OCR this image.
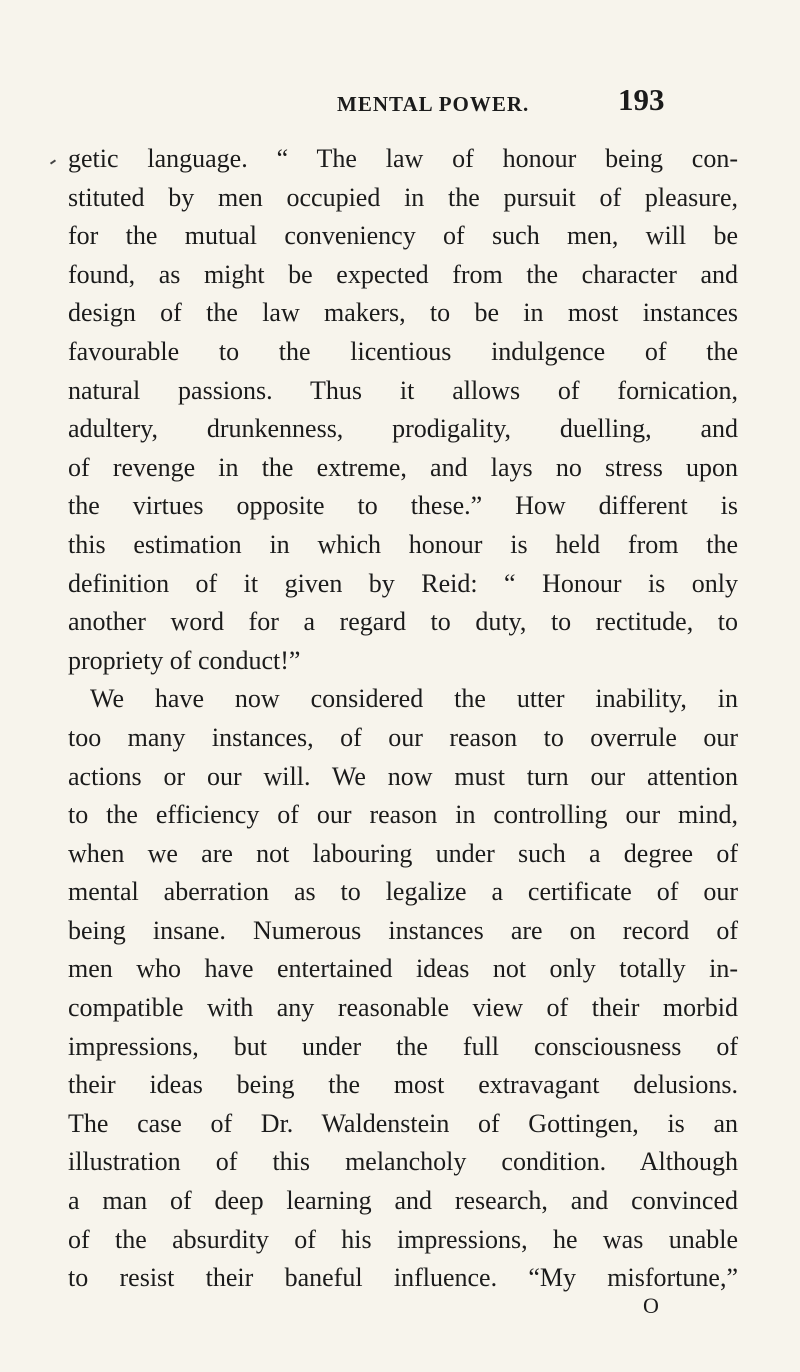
MENTAL POWER.	193
getic language. “ The law of honour being con-
stituted by men occupied in the pursuit of pleasure,
for the mutual conveniency of such men, will be
found, as might be expected from the character and
design of the law makers, to be in most instances
favourable to the licentious indulgence of the
natural passions. Thus it allows of fornication,
adultery, drunkenness, prodigality, duelling, and
of revenge in the extreme, and lays no stress upon
the virtues opposite to these.” How different is
this estimation in which honour is held from the
definition of it given by Reid: “ Honour is only
another word for a regard to duty, to rectitude, to
propriety of conduct!”
We have now considered the utter inability, in
too many instances, of our reason to overrule our
actions or our will. We now must turn our attention
to the efficiency of our reason in controlling our mind,
when we are not labouring under such a degree of
mental aberration as to legalize a certificate of our
being insane. Numerous instances are on record of
men who have entertained ideas not only totally in-
compatible with any reasonable view of their morbid
impressions, but under the full consciousness of
their ideas being the most extravagant delusions.
The case of Dr. Waldenstein of Gottingen, is an
illustration of this melancholy condition. Although
a man of deep learning and research, and convinced
of the absurdity of his impressions, he was unable
to resist their baneful influence. “My misfortune,”
O
